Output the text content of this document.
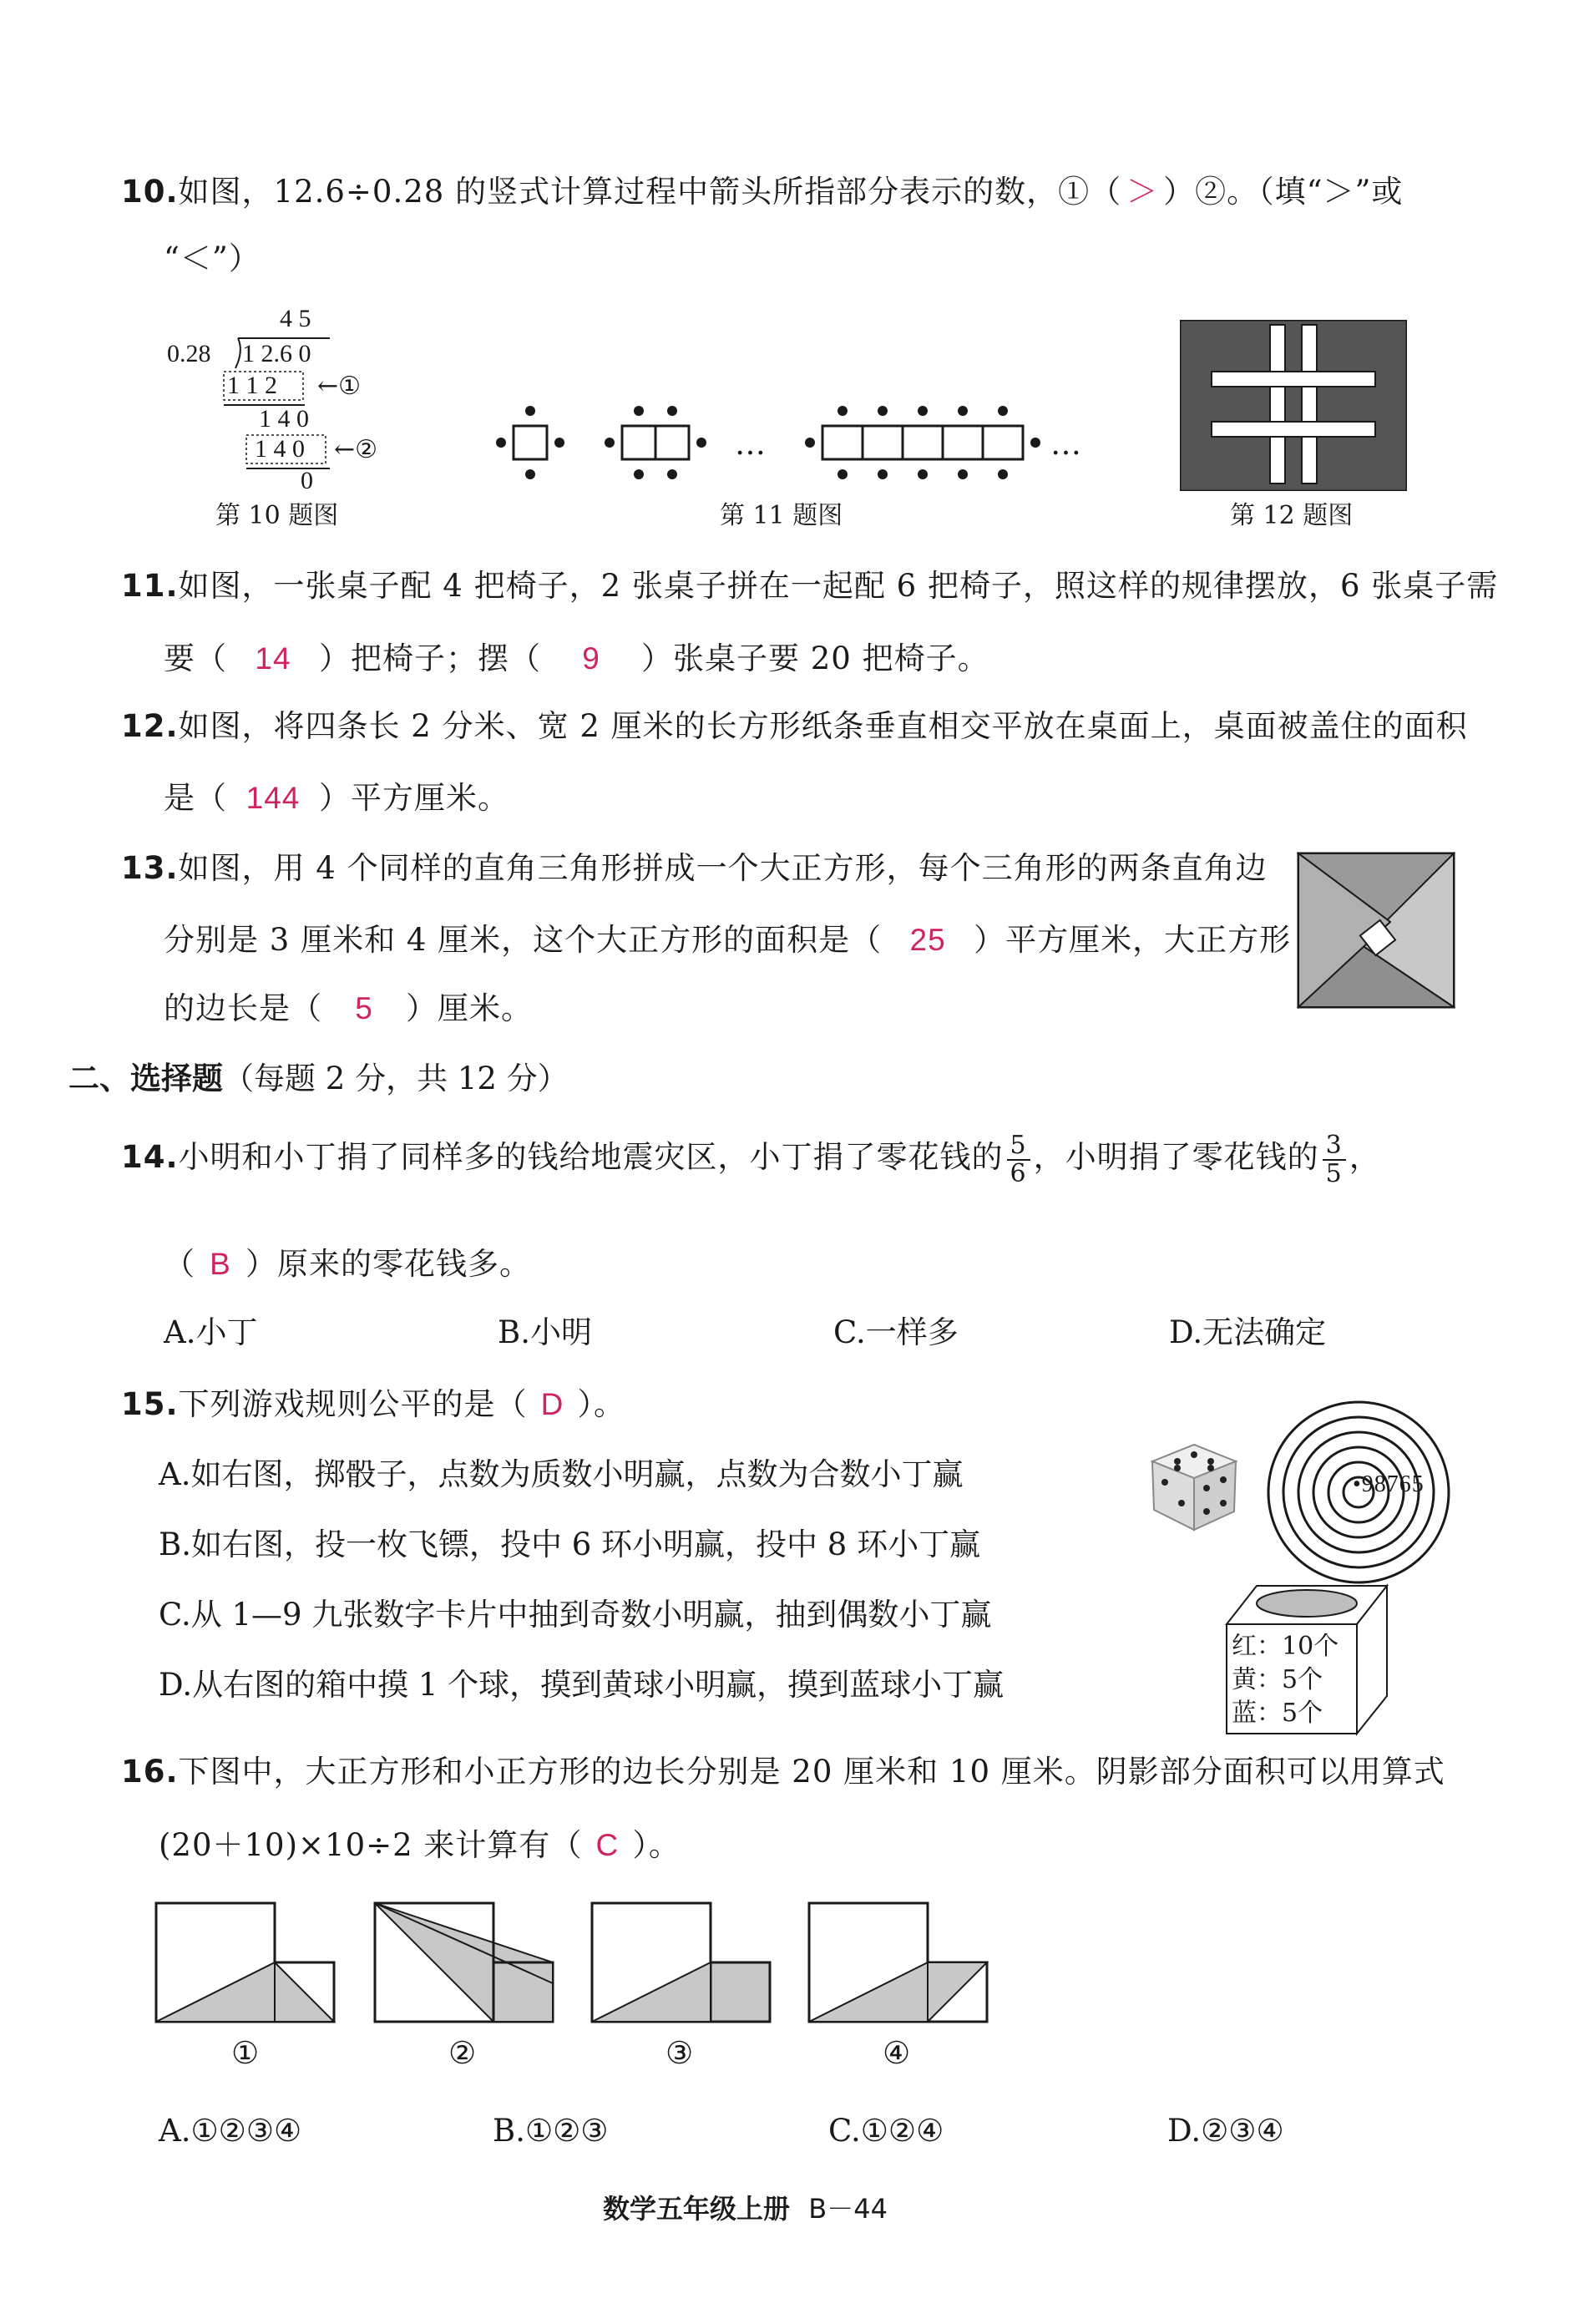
10.如图，12.6÷0.28 的竖式计算过程中箭头所指部分表示的数，①（ ＞ ）②。（填“＞”或
“＜”）
4 5
0.28 1 2.6 0
1 1 2 ←①
1 4 0
1 4 0 ←②
0
第 10 题图
…	…
第 11 题图	第 12 题图
11.如图，一张桌子配 4 把椅子，2 张桌子拼在一起配 6 把椅子，照这样的规律摆放，6 张桌子需
要（ 14 ）把椅子；摆（ 9 ）张桌子要 20 把椅子。
12.如图，将四条长 2 分米、宽 2 厘米的长方形纸条垂直相交平放在桌面上，桌面被盖住的面积
是（ 144 ）平方厘米。
13.如图，用 4 个同样的直角三角形拼成一个大正方形，每个三角形的两条直角边
分别是 3 厘米和 4 厘米，这个大正方形的面积是（ 25 ）平方厘米，大正方形
的边长是（ 5 ）厘米。
二、选择题（每题 2 分，共 12 分）
14.小明和小丁捐了同样多的钱给地震灾区，小丁捐了零花钱的 $\frac{5}{6}$ ，小明捐了零花钱的 $\frac{3}{5}$ ，
（ B ）原来的零花钱多。
A.小丁	B.小明	C.一样多	D.无法确定
15.下列游戏规则公平的是（ D ）。
A.如右图，掷骰子，点数为质数小明赢，点数为合数小丁赢
B.如右图，投一枚飞镖，投中 6 环小明赢，投中 8 环小丁赢
C.从 1—9 九张数字卡片中抽到奇数小明赢，抽到偶数小丁赢
D.从右图的箱中摸 1 个球，摸到黄球小明赢，摸到蓝球小丁赢
•98765
红：10个
黄：5个
蓝：5个
16.下图中，大正方形和小正方形的边长分别是 20 厘米和 10 厘米。阴影部分面积可以用算式
(20＋10)×10÷2 来计算有（ C ）。
①	②	③	④
A.①②③④	B.①②③	C.①②④	D.②③④
数学五年级上册 B－44
